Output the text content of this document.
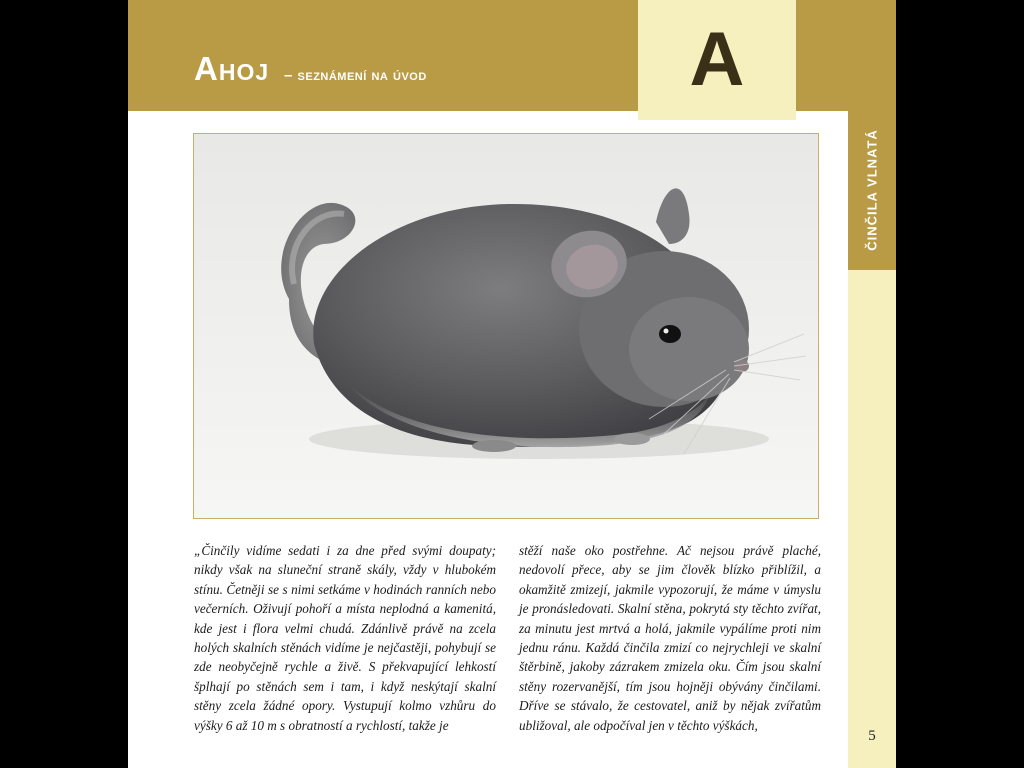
Ahoj – seznámení na úvod	A
ČINČILA VLNATÁ

„Činčily vidíme sedati i za dne před svými doupaty; nikdy však na sluneční straně skály, vždy v hlubokém stínu. Četněji se s nimi setkáme v hodinách ranních nebo večerních. Oživují pohoří a místa neplodná a kamenitá, kde jest i flora velmi chudá. Zdánlivě právě na zcela holých skalních stěnách vidíme je nejčastěji, pohybují se zde neobyčejně rychle a živě. S překvapující lehkostí šplhají po stěnách sem i tam, i když neskýtají skalní stěny zcela žádné opory. Vystupují kolmo vzhůru do výšky 6 až 10 m s obratností a rychlostí, takže je

stěží naše oko postřehne. Ač nejsou právě plaché, nedovolí přece, aby se jim člověk blízko přiblížil, a okamžitě zmizejí, jakmile vypozorují, že máme v úmyslu je pronásledovati. Skalní stěna, pokrytá sty těchto zvířat, za minutu jest mrtvá a holá, jakmile vypálíme proti nim jednu ránu. Každá činčila zmizí co nejrychleji ve skalní štěrbině, jakoby zázrakem zmizela oku. Čím jsou skalní stěny rozervanější, tím jsou hojněji obývány činčilami. Dříve se stávalo, že cestovatel, aniž by nějak zvířatům ubližoval, ale odpočíval jen v těchto výškách,

5
